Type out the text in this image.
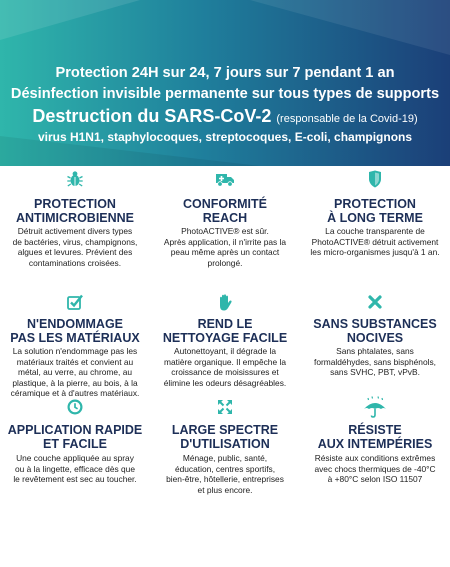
Protection 24H sur 24, 7 jours sur 7 pendant 1 an
Désinfection invisible permanente sur tous types de supports
Destruction du SARS-CoV-2 (responsable de la Covid-19)
virus H1N1, staphylocoques, streptocoques, E-coli, champignons
PROTECTION
ANTIMICROBIENNE
Détruit activement divers types
de bactéries, virus, champignons,
algues et levures. Prévient des
contaminations croisées.
CONFORMITÉ
REACH
PhotoACTIVE® est sûr.
Après application, il n'irrite pas la
peau même après un contact
prolongé.
PROTECTION
À LONG TERME
La couche transparente de
PhotoACTIVE® détruit activement
les micro-organismes jusqu'à 1 an.
N'ENDOMMAGE
PAS LES MATÉRIAUX
La solution n'endommage pas les
matériaux traités et convient au
métal, au verre, au chrome, au
plastique, à la pierre, au bois, à la
céramique et à d'autres matériaux.
REND LE
NETTOYAGE FACILE
Autonettoyant, il dégrade la
matière organique. Il empêche la
croissance de moisissures et
élimine les odeurs désagréables.
SANS SUBSTANCES
NOCIVES
Sans phtalates, sans
formaldéhydes, sans bisphénols,
sans SVHC, PBT, vPvB.
APPLICATION RAPIDE
ET FACILE
Une couche appliquée au spray
ou à la lingette, efficace dès que
le revêtement est sec au toucher.
LARGE SPECTRE
D'UTILISATION
Ménage, public, santé,
éducation, centres sportifs,
bien-être, hôtellerie, entreprises
et plus encore.
RÉSISTE
AUX INTEMPÉRIES
Résiste aux conditions extrêmes
avec chocs thermiques de -40°C
à +80°C selon ISO 11507
